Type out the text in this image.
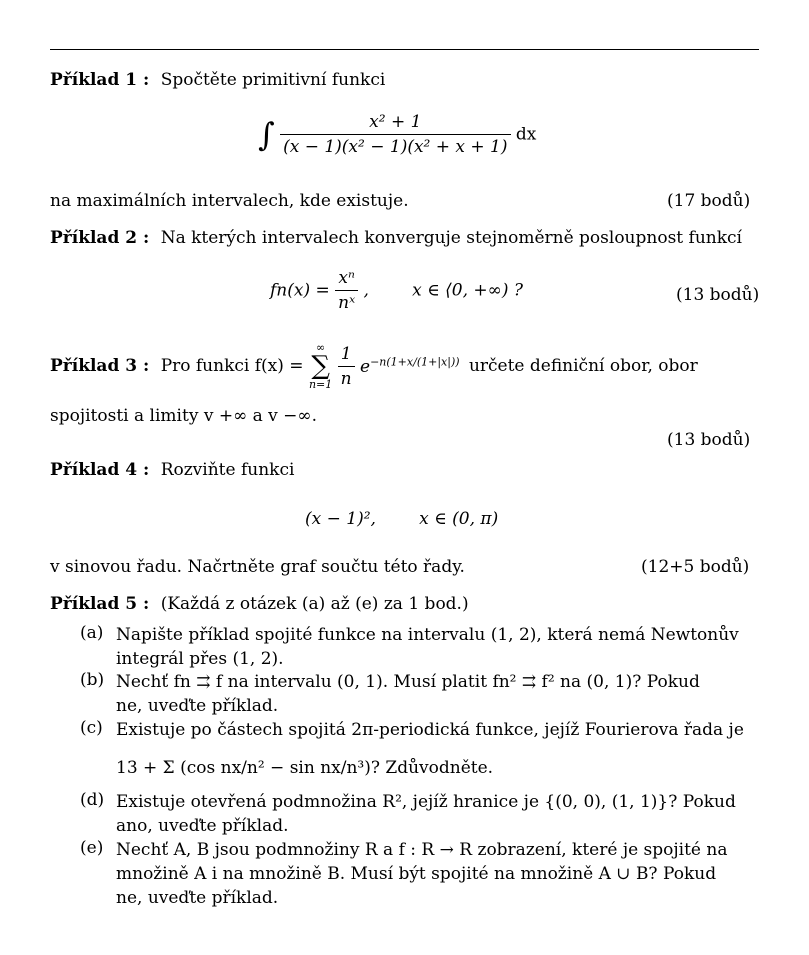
Příklad 1 : Spočtěte primitivní funkci
∫ $\frac{\text{x² + 1}}{\text{(x − 1)(x² − 1)(x² + x + 1)}}$ dx
na maximálních intervalech, kde existuje.	(17 bodů)
Příklad 2 : Na kterých intervalech konverguje stejnoměrně posloupnost funkcí
$fn(x) = \frac{\text{xⁿ}}{\text{nˣ}}$ ,        x ∈ ⟨0, +∞) ?	(13 bodů)
Příklad 3 : Pro funkci f(x) =
∞
∑
n=1
$\frac{1}{n} e^{-n(1+x/(1+|x|))}$ určete definiční obor, obor
spojitosti a limity v +∞ a v −∞.
(13 bodů)
Příklad 4 : Rozviňte funkci
(x − 1)²,        x ∈ (0, π)
v sinovou řadu. Načrtněte graf součtu této řady.	(12+5 bodů)
Příklad 5 : (Každá z otázek (a) až (e) za 1 bod.)
(a) Napište příklad spojité funkce na intervalu (1, 2), která nemá Newtonův
integrál přes (1, 2).
(b) Nechť fn ⇉ f na intervalu (0, 1). Musí platit fn² ⇉ f² na (0, 1)? Pokud
ne, uveďte příklad.
(c) Existuje po částech spojitá 2π-periodická funkce, jejíž Fourierova řada je
13 + Σ (cos nx/n² − sin nx/n³)? Zdůvodněte.
(d) Existuje otevřená podmnožina R², jejíž hranice je {(0, 0), (1, 1)}? Pokud
ano, uveďte příklad.
(e) Nechť A, B jsou podmnožiny R a f : R → R zobrazení, které je spojité na
množině A i na množině B. Musí být spojité na množině A ∪ B? Pokud
ne, uveďte příklad.
